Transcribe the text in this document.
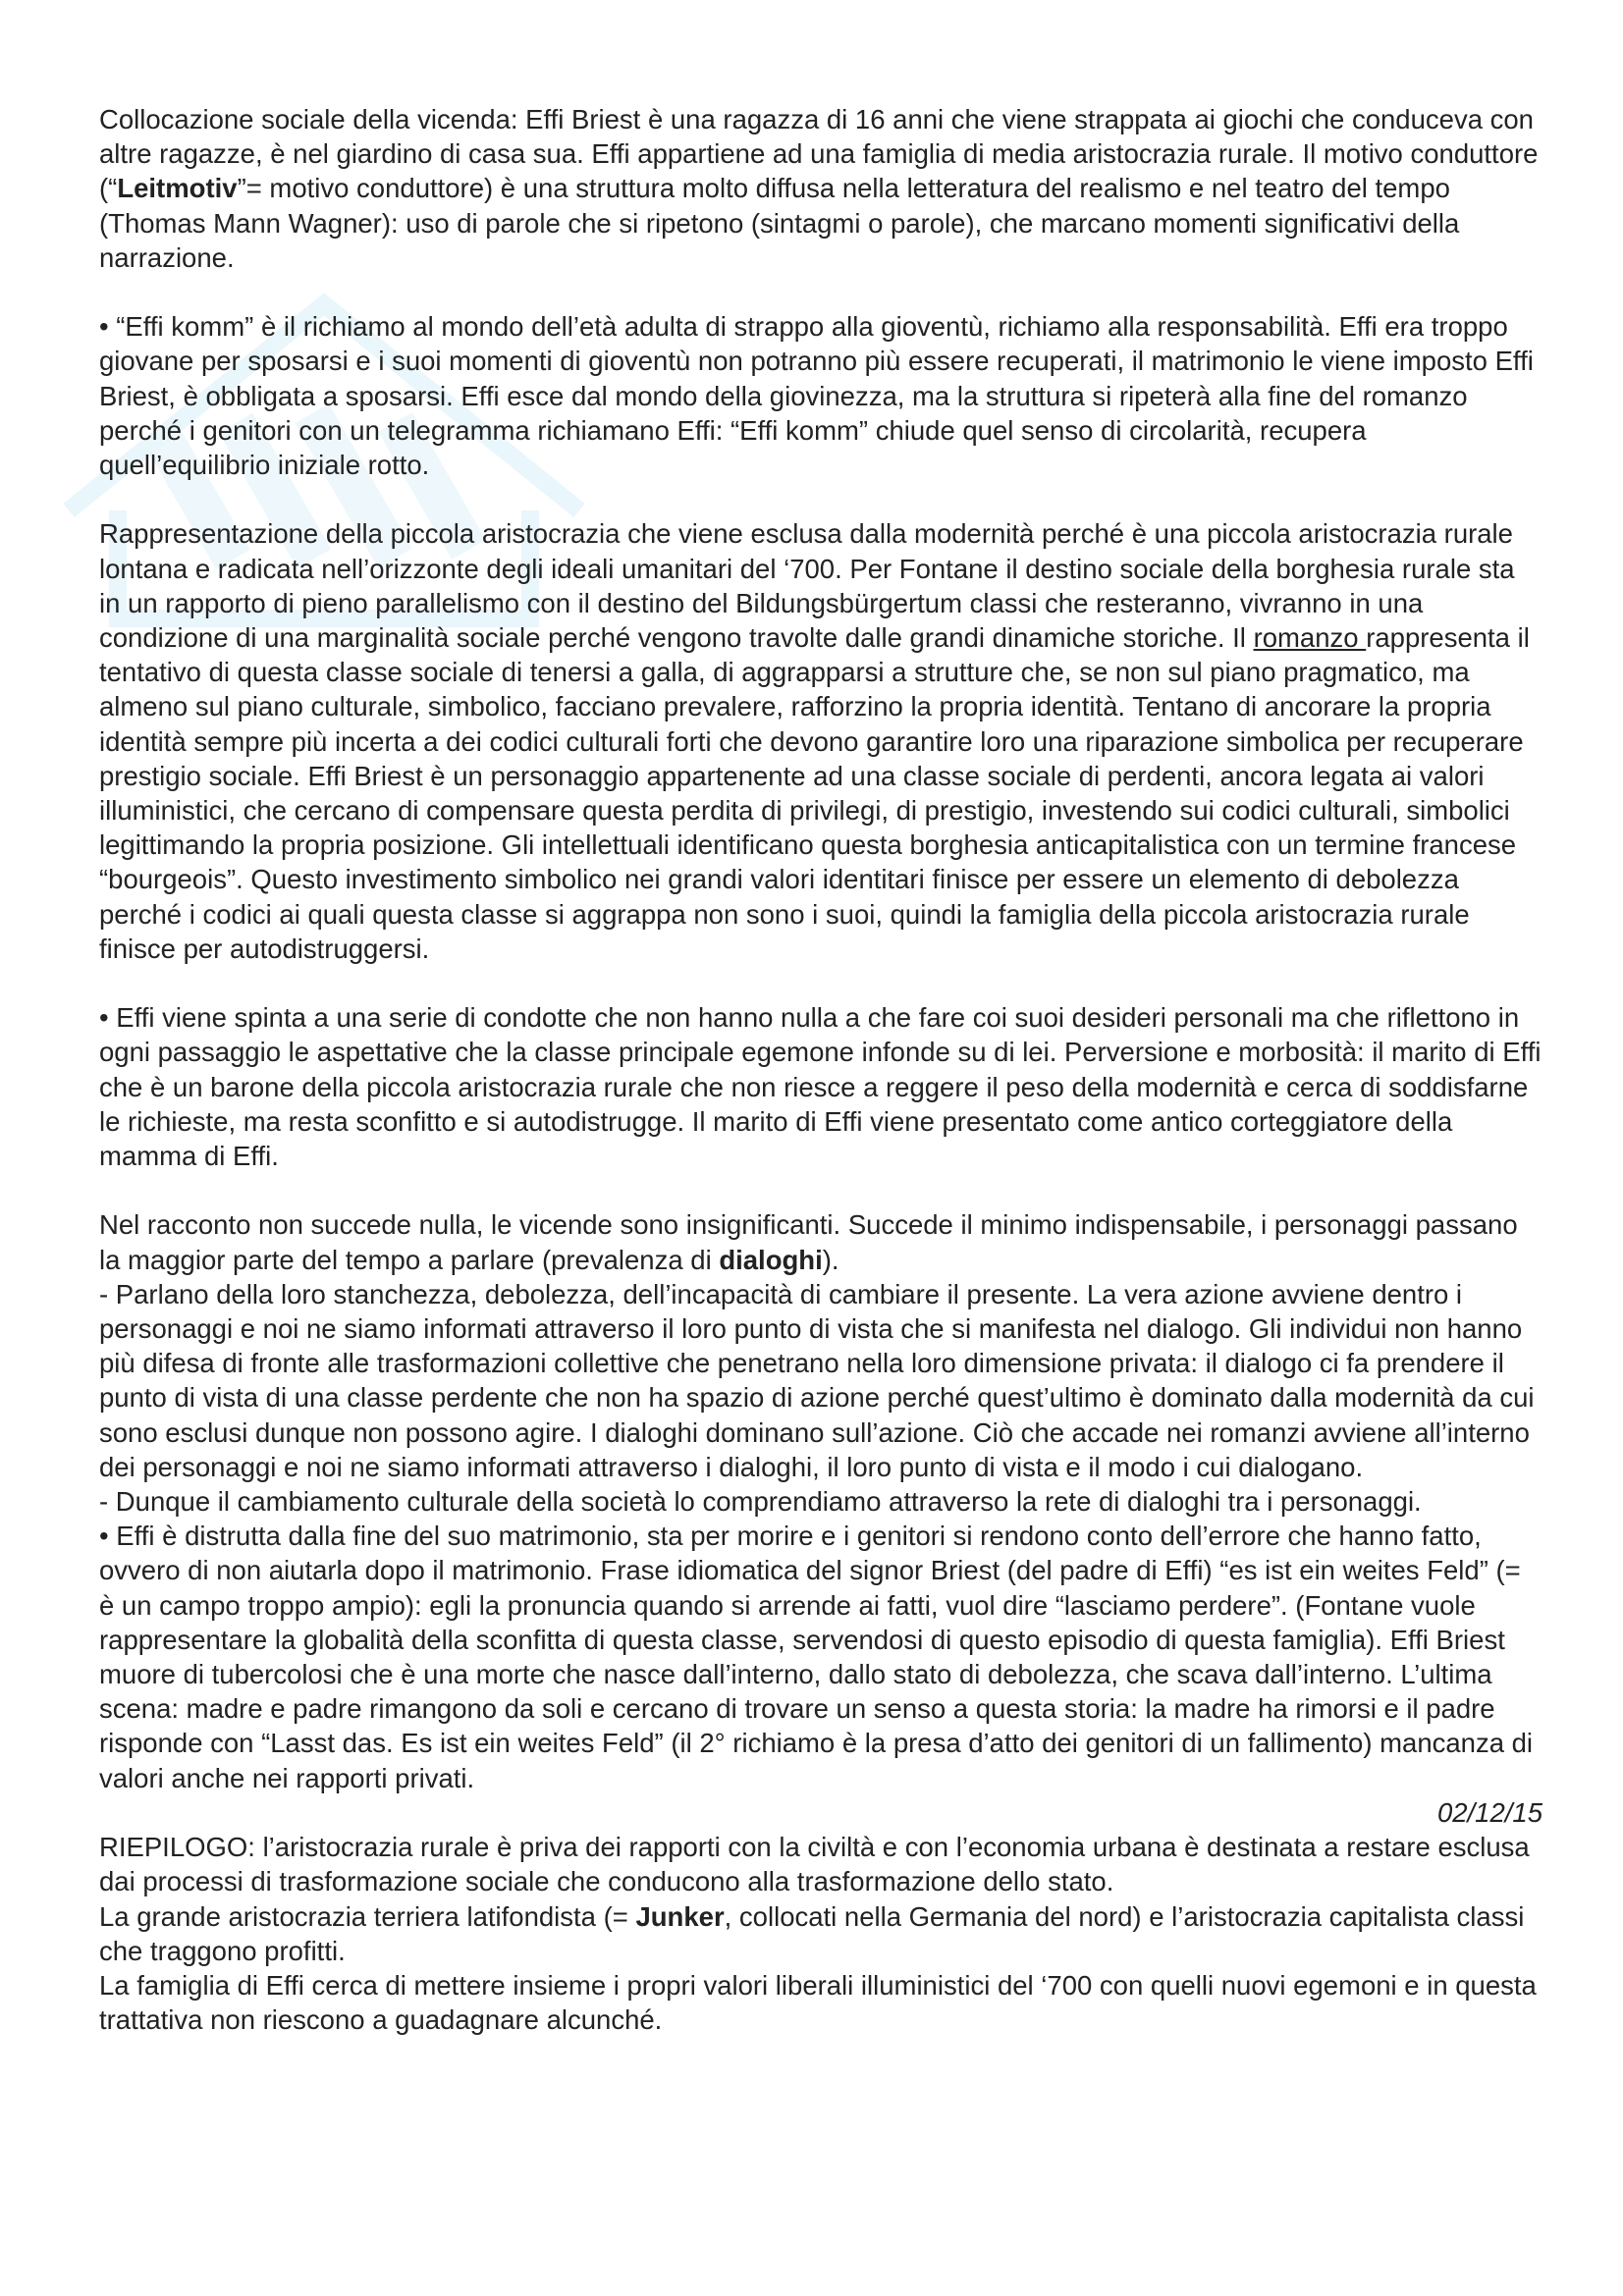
Collocazione sociale della vicenda: Effi Briest è una ragazza di 16 anni che viene strappata ai giochi che conduceva con altre ragazze, è nel giardino di casa sua. Effi appartiene ad una famiglia di media aristocrazia rurale. Il motivo conduttore (“Leitmotiv”= motivo conduttore) è una struttura molto diffusa nella letteratura del realismo e nel teatro del tempo (Thomas Mann Wagner): uso di parole che si ripetono (sintagmi o parole), che marcano momenti significativi della narrazione.

• “Effi komm” è il richiamo al mondo dell’età adulta di strappo alla gioventù, richiamo alla responsabilità. Effi era troppo giovane per sposarsi e i suoi momenti di gioventù non potranno più essere recuperati, il matrimonio le viene imposto Effi Briest, è obbligata a sposarsi. Effi esce dal mondo della giovinezza, ma la struttura si ripeterà alla fine del romanzo perché i genitori con un telegramma richiamano Effi: “Effi komm” chiude quel senso di circolarità, recupera quell’equilibrio iniziale rotto.

Rappresentazione della piccola aristocrazia che viene esclusa dalla modernità perché è una piccola aristocrazia rurale lontana e radicata nell’orizzonte degli ideali umanitari del ‘700. Per Fontane il destino sociale della borghesia rurale sta in un rapporto di pieno parallelismo con il destino del Bildungsbürgertum classi che resteranno, vivranno in una condizione di una marginalità sociale perché vengono travolte dalle grandi dinamiche storiche. Il romanzo rappresenta il tentativo di questa classe sociale di tenersi a galla, di aggrapparsi a strutture che, se non sul piano pragmatico, ma almeno sul piano culturale, simbolico, facciano prevalere, rafforzino la propria identità. Tentano di ancorare la propria identità sempre più incerta a dei codici culturali forti che devono garantire loro una riparazione simbolica per recuperare prestigio sociale. Effi Briest è un personaggio appartenente ad una classe sociale di perdenti, ancora legata ai valori illuministici, che cercano di compensare questa perdita di privilegi, di prestigio, investendo sui codici culturali, simbolici legittimando la propria posizione. Gli intellettuali identificano questa borghesia anticapitalistica con un termine francese “bourgeois”. Questo investimento simbolico nei grandi valori identitari finisce per essere un elemento di debolezza perché i codici ai quali questa classe si aggrappa non sono i suoi, quindi la famiglia della piccola aristocrazia rurale finisce per autodistruggersi.

• Effi viene spinta a una serie di condotte che non hanno nulla a che fare coi suoi desideri personali ma che riflettono in ogni passaggio le aspettative che la classe principale egemone infonde su di lei. Perversione e morbosità: il marito di Effi che è un barone della piccola aristocrazia rurale che non riesce a reggere il peso della modernità e cerca di soddisfarne le richieste, ma resta sconfitto e si autodistrugge. Il marito di Effi viene presentato come antico corteggiatore della mamma di Effi.

Nel racconto non succede nulla, le vicende sono insignificanti. Succede il minimo indispensabile, i personaggi passano la maggior parte del tempo a parlare (prevalenza di dialoghi).

- Parlano della loro stanchezza, debolezza, dell’incapacità di cambiare il presente. La vera azione avviene dentro i personaggi e noi ne siamo informati attraverso il loro punto di vista che si manifesta nel dialogo. Gli individui non hanno più difesa di fronte alle trasformazioni collettive che penetrano nella loro dimensione privata: il dialogo ci fa prendere il punto di vista di una classe perdente che non ha spazio di azione perché quest’ultimo è dominato dalla modernità da cui sono esclusi dunque non possono agire. I dialoghi dominano sull’azione. Ciò che accade nei romanzi avviene all’interno dei personaggi e noi ne siamo informati attraverso i dialoghi, il loro punto di vista e il modo i cui dialogano.

- Dunque il cambiamento culturale della società lo comprendiamo attraverso la rete di dialoghi tra i personaggi.

• Effi è distrutta dalla fine del suo matrimonio, sta per morire e i genitori si rendono conto dell’errore che hanno fatto, ovvero di non aiutarla dopo il matrimonio. Frase idiomatica del signor Briest (del padre di Effi) “es ist ein weites Feld” (= è un campo troppo ampio): egli la pronuncia quando si arrende ai fatti, vuol dire “lasciamo perdere”. (Fontane vuole rappresentare la globalità della sconfitta di questa classe, servendosi di questo episodio di questa famiglia). Effi Briest muore di tubercolosi che è una morte che nasce dall’interno, dallo stato di debolezza, che scava dall’interno. L’ultima scena: madre e padre rimangono da soli e cercano di trovare un senso a questa storia: la madre ha rimorsi e il padre risponde con “Lasst das. Es ist ein weites Feld” (il 2° richiamo è la presa d’atto dei genitori di un fallimento) mancanza di valori anche nei rapporti privati.

02/12/15

RIEPILOGO: l’aristocrazia rurale è priva dei rapporti con la civiltà e con l’economia urbana è destinata a restare esclusa dai processi di trasformazione sociale che conducono alla trasformazione dello stato.

La grande aristocrazia terriera latifondista (= Junker, collocati nella Germania del nord) e l’aristocrazia capitalista classi che traggono profitti.

La famiglia di Effi cerca di mettere insieme i propri valori liberali illuministici del ‘700 con quelli nuovi egemoni e in questa trattativa non riescono a guadagnare alcunché.
